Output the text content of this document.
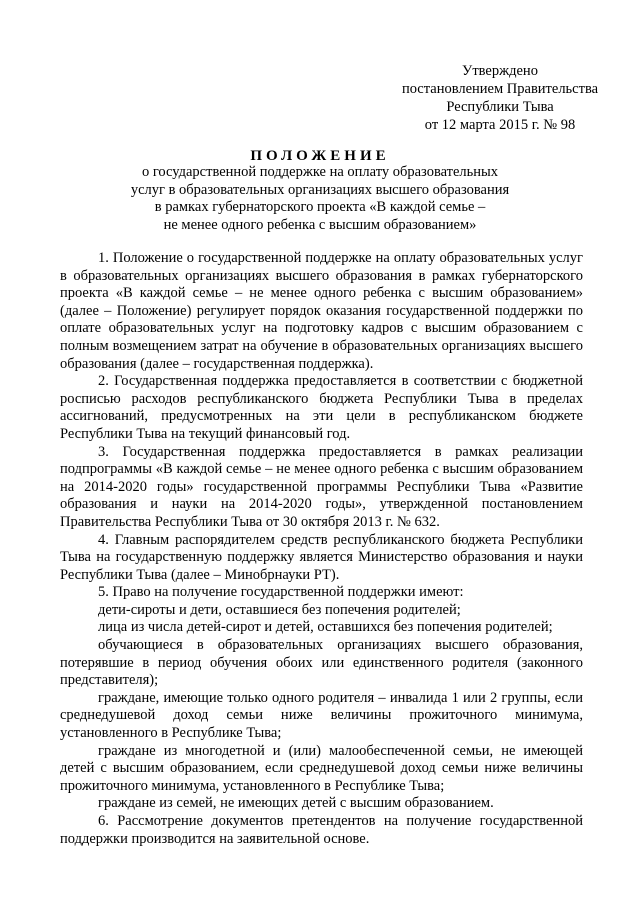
Утверждено
постановлением Правительства
Республики Тыва
от 12 марта 2015 г. № 98
ПОЛОЖЕНИЕ
о государственной поддержке на оплату образовательных
услуг в образовательных организациях высшего образования
в рамках губернаторского проекта «В каждой семье –
не менее одного ребенка с высшим образованием»

1. Положение о государственной поддержке на оплату образовательных услуг в образовательных организациях высшего образования в рамках губернаторского проекта «В каждой семье – не менее одного ребенка с высшим образованием» (далее – Положение) регулирует порядок оказания государственной поддержки по оплате образовательных услуг на подготовку кадров с высшим образованием с полным возмещением затрат на обучение в образовательных организациях высшего образования (далее – государственная поддержка).

2. Государственная поддержка предоставляется в соответствии с бюджетной росписью расходов республиканского бюджета Республики Тыва в пределах ассигнований, предусмотренных на эти цели в республиканском бюджете Республики Тыва на текущий финансовый год.

3. Государственная поддержка предоставляется в рамках реализации подпрограммы «В каждой семье – не менее одного ребенка с высшим образованием на 2014-2020 годы» государственной программы Республики Тыва «Развитие образования и науки на 2014-2020 годы», утвержденной постановлением Правительства Республики Тыва от 30 октября 2013 г. № 632.

4. Главным распорядителем средств республиканского бюджета Республики Тыва на государственную поддержку является Министерство образования и науки Республики Тыва (далее – Минобрнауки РТ).

5. Право на получение государственной поддержки имеют:

дети-сироты и дети, оставшиеся без попечения родителей;

лица из числа детей-сирот и детей, оставшихся без попечения родителей;

обучающиеся в образовательных организациях высшего образования, потерявшие в период обучения обоих или единственного родителя (законного представителя);

граждане, имеющие только одного родителя – инвалида 1 или 2 группы, если среднедушевой доход семьи ниже величины прожиточного минимума, установленного в Республике Тыва;

граждане из многодетной и (или) малообеспеченной семьи, не имеющей детей с высшим образованием, если среднедушевой доход семьи ниже величины прожиточного минимума, установленного в Республике Тыва;

граждане из семей, не имеющих детей с высшим образованием.

6. Рассмотрение документов претендентов на получение государственной поддержки производится на заявительной основе.
